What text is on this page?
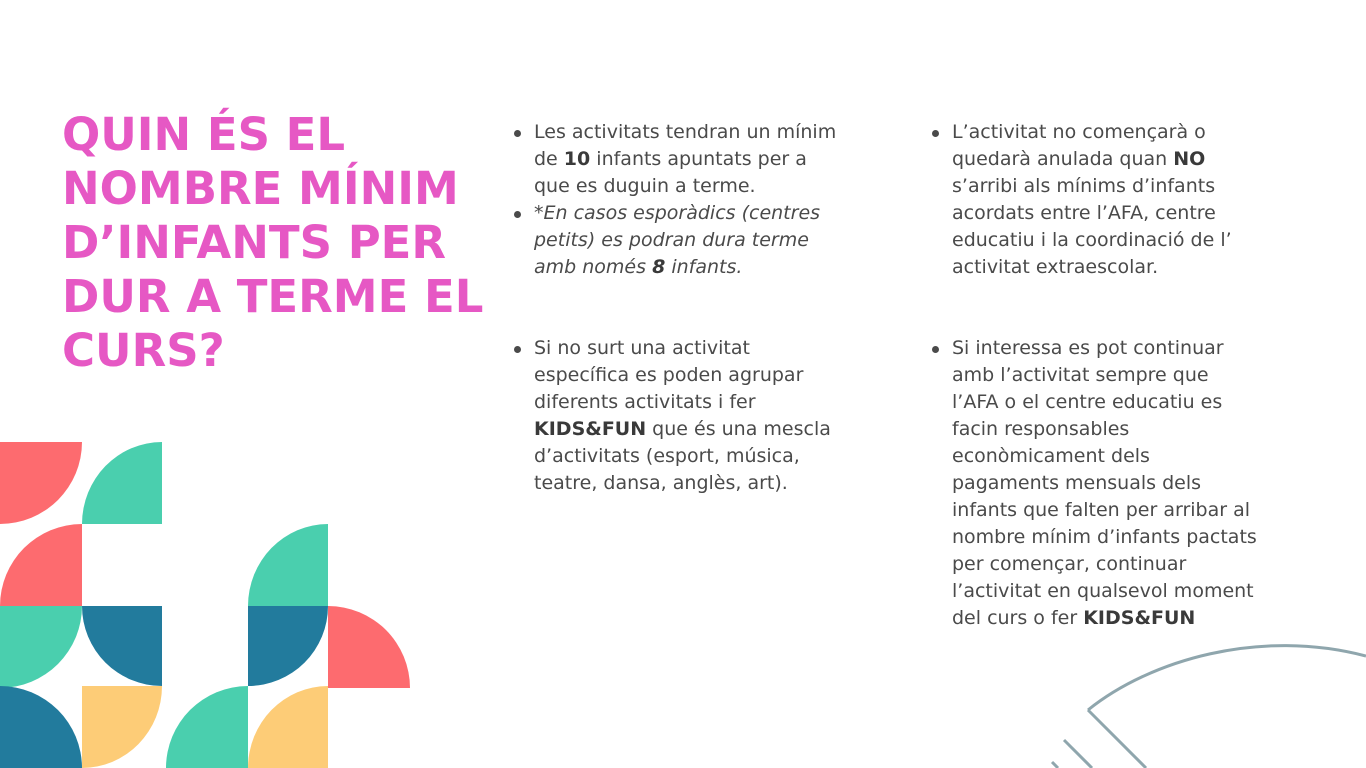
QUIN ÉS EL
NOMBRE MÍNIM
D’INFANTS PER
DUR A TERME EL
CURS?
Les activitats tendran un mínim
de 10 infants apuntats per a
que es duguin a terme.
*En casos esporàdics (centres
petits) es podran dura terme
amb només 8 infants.
Si no surt una activitat
específica es poden agrupar
diferents activitats i fer
KIDS&FUN que és una mescla
d’activitats (esport, música,
teatre, dansa, anglès, art).
L’activitat no començarà o
quedarà anulada quan NO
s’arribi als mínims d’infants
acordats entre l’AFA, centre
educatiu i la coordinació de l’
activitat extraescolar.
Si interessa es pot continuar
amb l’activitat sempre que
l’AFA o el centre educatiu es
facin responsables
econòmicament dels
pagaments mensuals dels
infants que falten per arribar al
nombre mínim d’infants pactats
per començar, continuar
l’activitat en qualsevol moment
del curs o fer KIDS&FUN
